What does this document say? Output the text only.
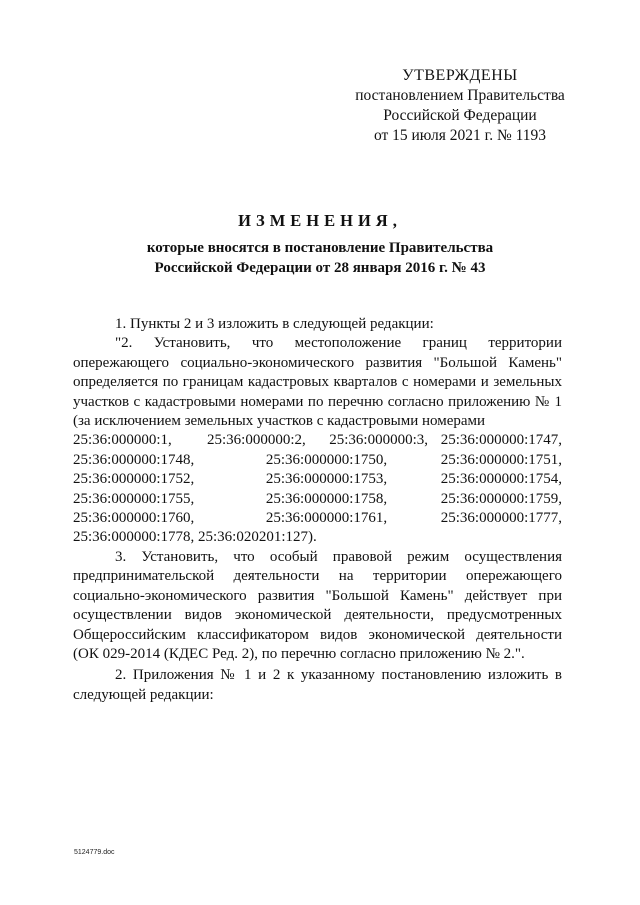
УТВЕРЖДЕНЫ
постановлением Правительства
Российской Федерации
от 15 июля 2021 г. № 1193
ИЗМЕНЕНИЯ,
которые вносятся в постановление Правительства
Российской Федерации от 28 января 2016 г. № 43

1. Пункты 2 и 3 изложить в следующей редакции:

"2. Установить, что местоположение границ территории опережающего социально-экономического развития "Большой Камень" определяется по границам кадастровых кварталов с номерами и земельных участков с кадастровыми номерами по перечню согласно приложению № 1 (за исключением земельных участков с кадастровыми номерами

25:36:000000:1,	25:36:000000:2,	25:36:000000:3, 25:36:000000:1747,
25:36:000000:1748,	25:36:000000:1750,	25:36:000000:1751,
25:36:000000:1752,	25:36:000000:1753,	25:36:000000:1754,
25:36:000000:1755,	25:36:000000:1758,	25:36:000000:1759,
25:36:000000:1760,	25:36:000000:1761,	25:36:000000:1777,
25:36:000000:1778, 25:36:020201:127).

3. Установить, что особый правовой режим осуществления предпринимательской деятельности на территории опережающего социально-экономического развития "Большой Камень" действует при осуществлении видов экономической деятельности, предусмотренных Общероссийским классификатором видов экономической деятельности (ОК 029-2014 (КДЕС Ред. 2), по перечню согласно приложению № 2.".

2. Приложения № 1 и 2 к указанному постановлению изложить в следующей редакции:

5124779.doc
